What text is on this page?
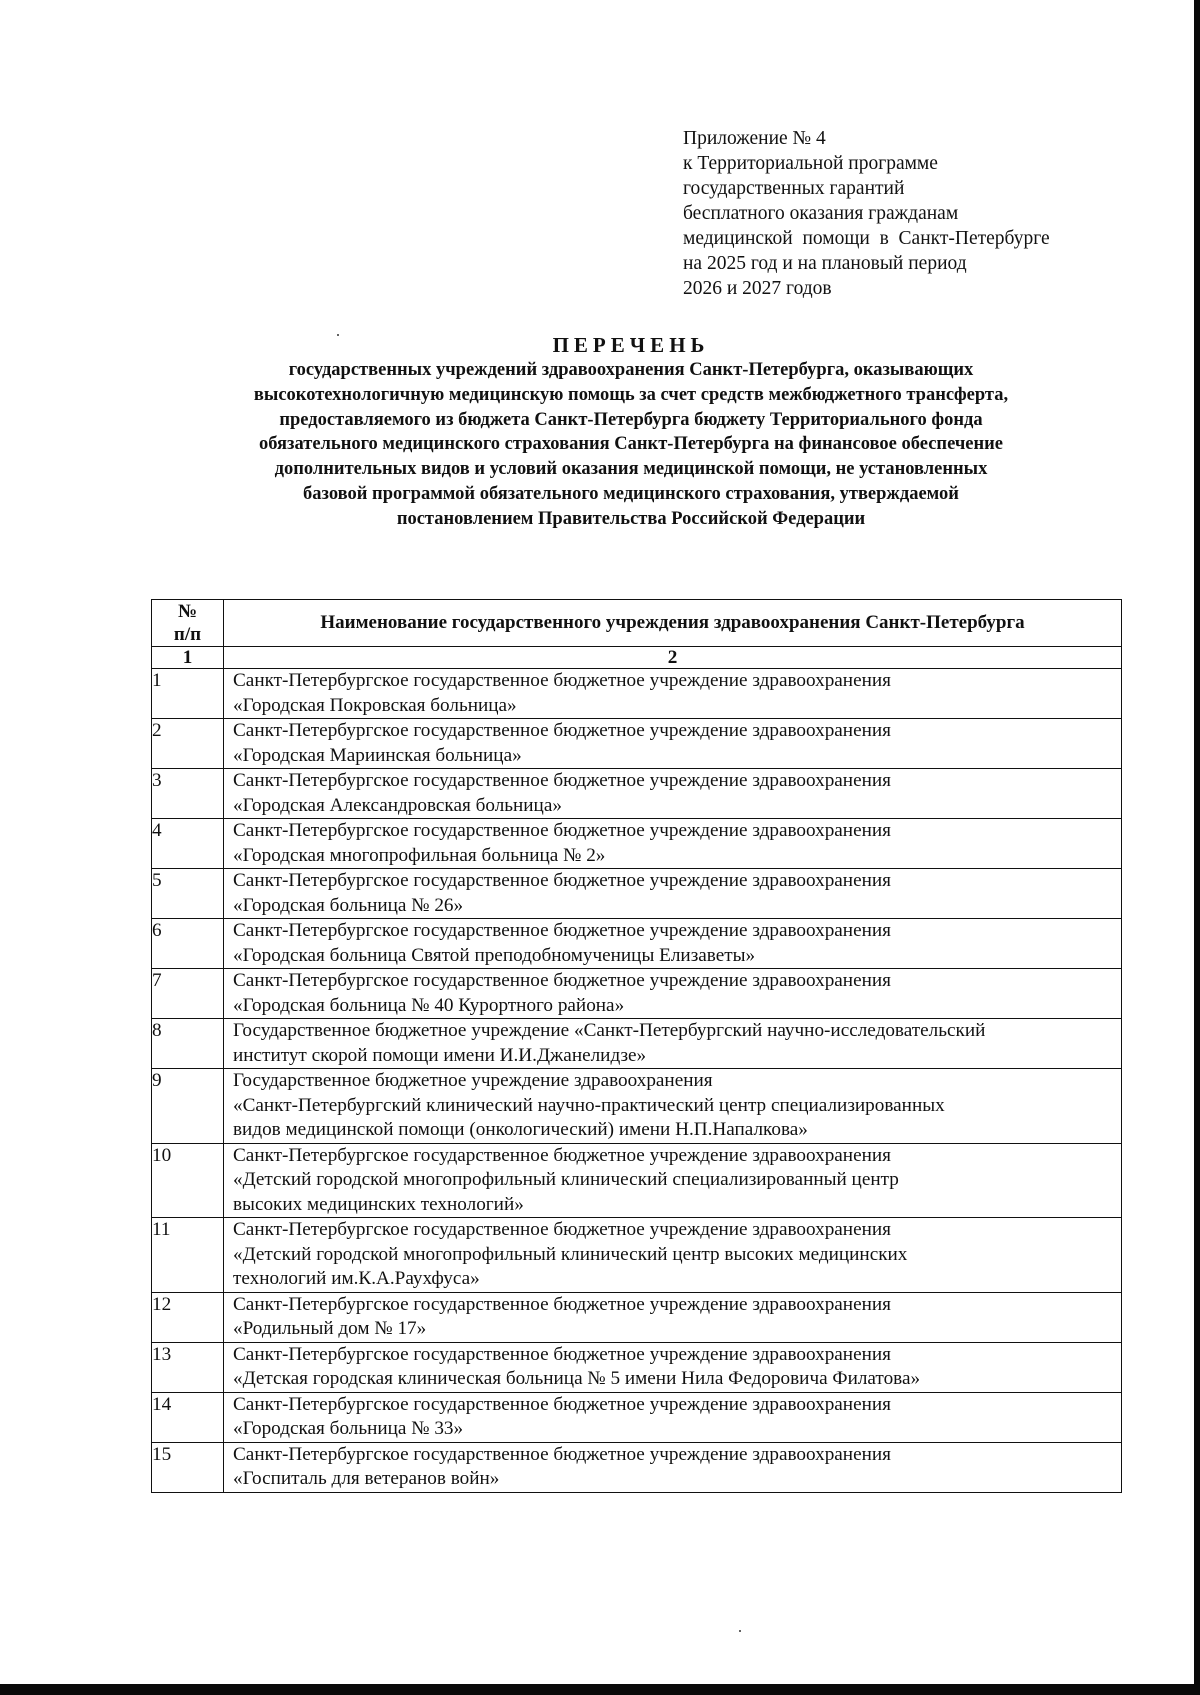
Приложение № 4
к Территориальной программе
государственных гарантий
бесплатного оказания гражданам
медицинской  помощи  в  Санкт-Петербурге
на 2025 год и на плановый период
2026 и 2027 годов
ПЕРЕЧЕНЬ
государственных учреждений здравоохранения Санкт-Петербурга, оказывающих
высокотехнологичную медицинскую помощь за счет средств межбюджетного трансферта,
предоставляемого из бюджета Санкт-Петербурга бюджету Территориального фонда
обязательного медицинского страхования Санкт-Петербурга на финансовое обеспечение
дополнительных видов и условий оказания медицинской помощи, не установленных
базовой программой обязательного медицинского страхования, утверждаемой
постановлением Правительства Российской Федерации
№
п/п	Наименование государственного учреждения здравоохранения Санкт-Петербурга
1	2
1	Санкт-Петербургское государственное бюджетное учреждение здравоохранения
«Городская Покровская больница»

2	Санкт-Петербургское государственное бюджетное учреждение здравоохранения
«Городская Мариинская больница»

3	Санкт-Петербургское государственное бюджетное учреждение здравоохранения
«Городская Александровская больница»

4	Санкт-Петербургское государственное бюджетное учреждение здравоохранения
«Городская многопрофильная больница № 2»

5	Санкт-Петербургское государственное бюджетное учреждение здравоохранения
«Городская больница № 26»

6	Санкт-Петербургское государственное бюджетное учреждение здравоохранения
«Городская больница Святой преподобномученицы Елизаветы»

7	Санкт-Петербургское государственное бюджетное учреждение здравоохранения
«Городская больница № 40 Курортного района»

8	Государственное бюджетное учреждение «Санкт-Петербургский научно-исследовательский
институт скорой помощи имени И.И.Джанелидзе»

9	Государственное бюджетное учреждение здравоохранения
«Санкт-Петербургский клинический научно-практический центр специализированных
видов медицинской помощи (онкологический) имени Н.П.Напалкова»

10	Санкт-Петербургское государственное бюджетное учреждение здравоохранения
«Детский городской многопрофильный клинический специализированный центр
высоких медицинских технологий»

11	Санкт-Петербургское государственное бюджетное учреждение здравоохранения
«Детский городской многопрофильный клинический центр высоких медицинских
технологий им.К.А.Раухфуса»

12	Санкт-Петербургское государственное бюджетное учреждение здравоохранения
«Родильный дом № 17»

13	Санкт-Петербургское государственное бюджетное учреждение здравоохранения
«Детская городская клиническая больница № 5 имени Нила Федоровича Филатова»

14	Санкт-Петербургское государственное бюджетное учреждение здравоохранения
«Городская больница № 33»

15	Санкт-Петербургское государственное бюджетное учреждение здравоохранения
«Госпиталь для ветеранов войн»
